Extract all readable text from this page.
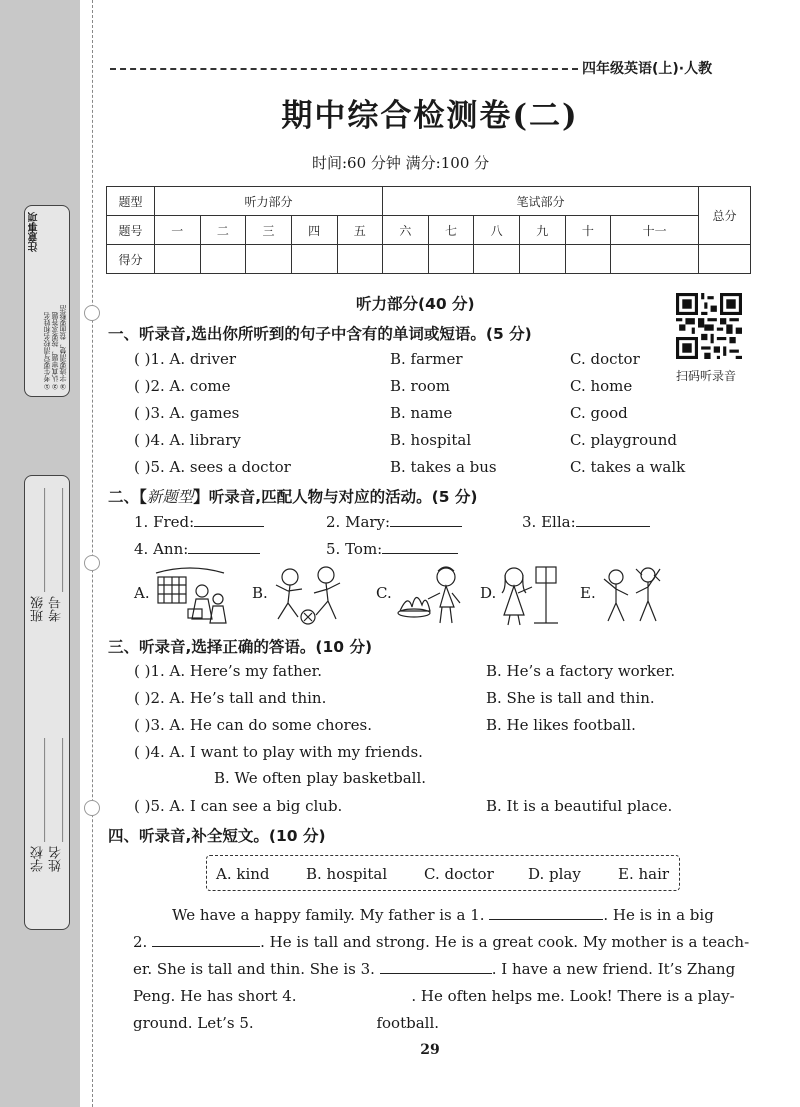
注意事项
①考生要写清校名和姓名 ②认真审题，按要求答题 ③字迹要清楚，卷面要整洁
班级 ________________
考号 ________________
学校 ________________
姓名 ________________
四年级英语(上)·人教
期中综合检测卷(二)
时间:60 分钟 满分:100 分
题型	听力部分					笔试部分						总分
题号	一	二	三	四	五	六	七	八	九	十	十一	
得分												
听力部分(40 分)
扫码听录音
一、听录音,选出你所听到的句子中含有的单词或短语。(5 分)
( )1. A. driver	B. farmer	C. doctor
( )2. A. come	B. room	C. home
( )3. A. games	B. name	C. good
( )4. A. library	B. hospital	C. playground
( )5. A. sees a doctor	B. takes a bus	C. takes a walk
二、【新题型】听录音,匹配人物与对应的活动。(5 分)
1. Fred:	2. Mary:	3. Ella:
4. Ann:	5. Tom:
A.	B.	C.	D.	E.
三、听录音,选择正确的答语。(10 分)
( )1. A. Here’s my father.	B. He’s a factory worker.
( )2. A. He’s tall and thin.	B. She is tall and thin.
( )3. A. He can do some chores.	B. He likes football.
( )4. A. I want to play with my friends.
B. We often play basketball.
( )5. A. I can see a big club.	B. It is a beautiful place.
四、听录音,补全短文。(10 分)
A. kind B. hospital C. doctor D. play E. hair
We have a happy family. My father is a 1.	. He is in a big
2.	. He is tall and strong. He is a great cook. My mother is a teach-
er. She is tall and thin. She is 3.	. I have a new friend. It’s Zhang
Peng. He has short 4.	. He often helps me. Look! There is a play-
ground. Let’s 5.	football.
29
